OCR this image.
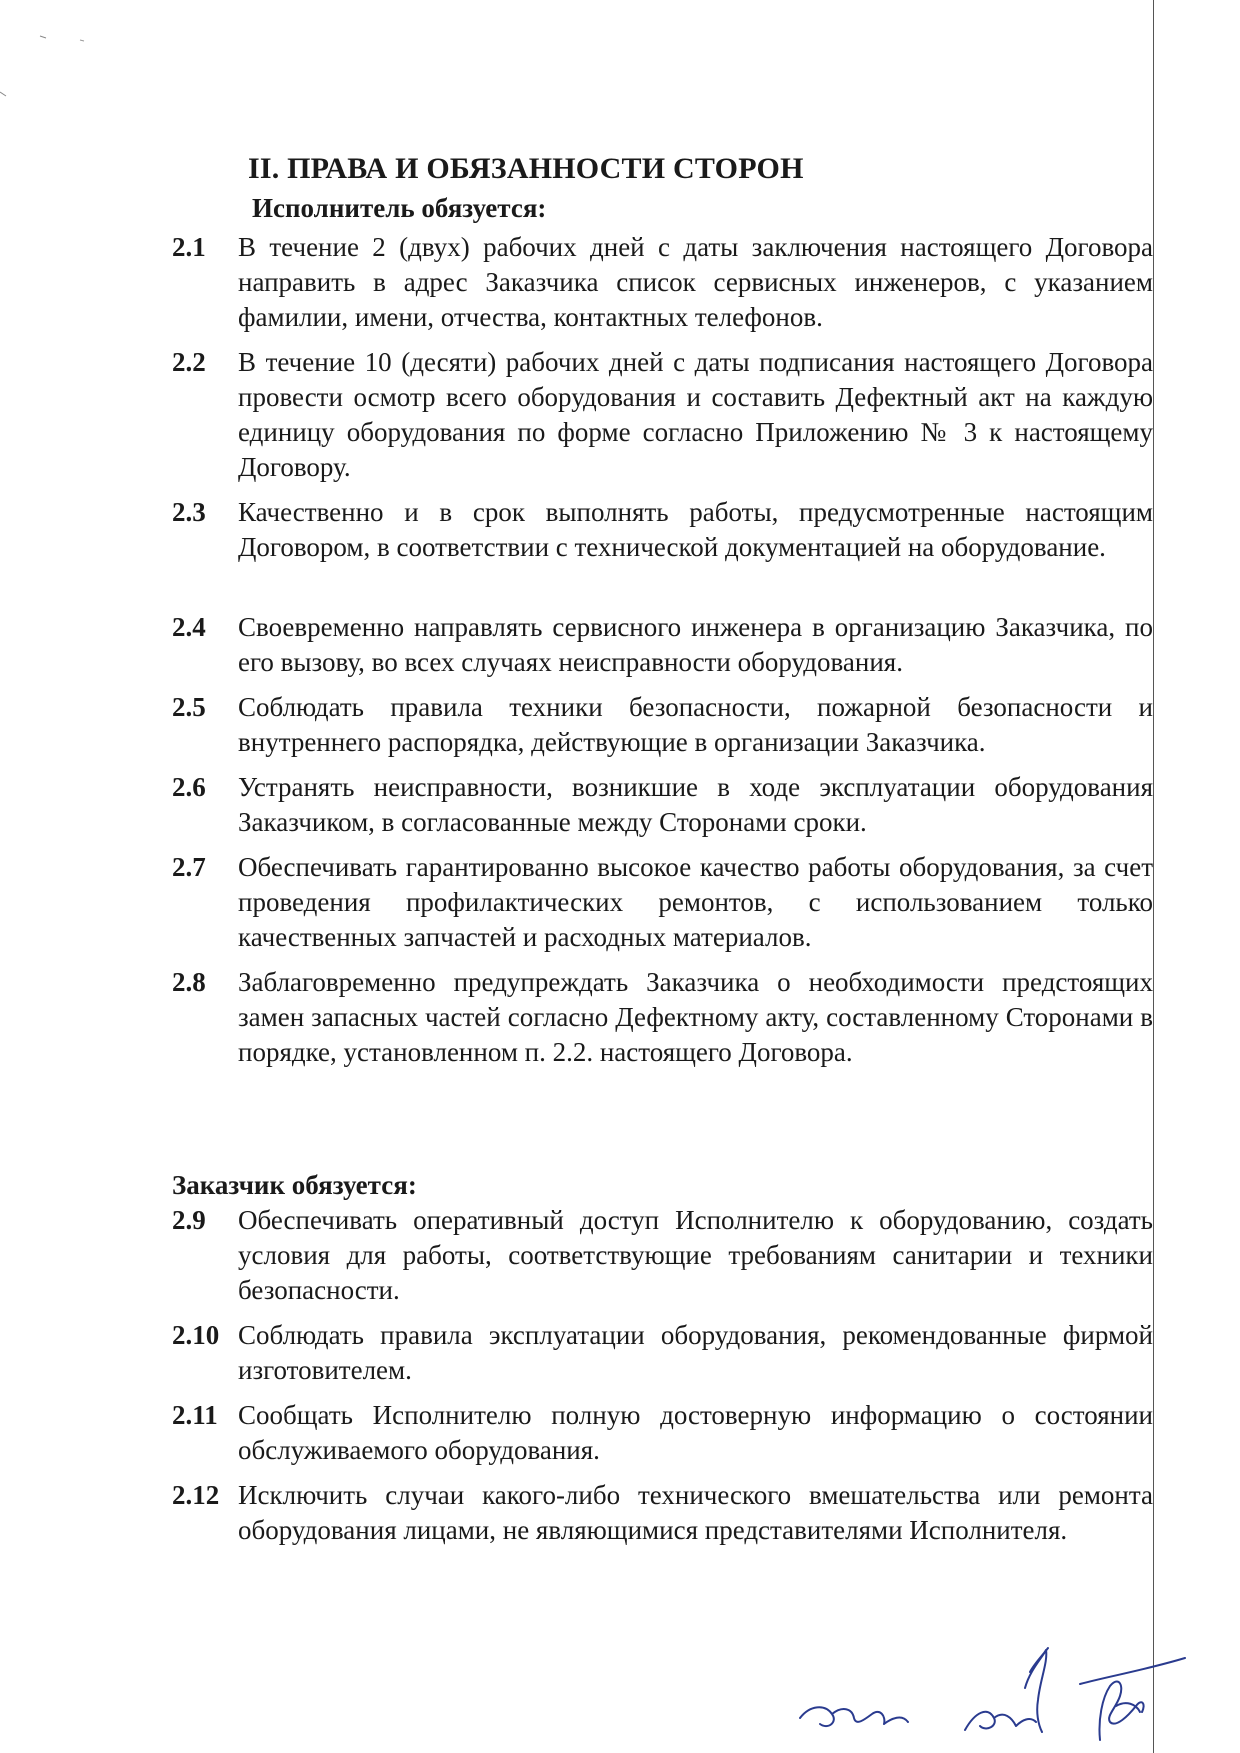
II. ПРАВА И ОБЯЗАННОСТИ СТОРОН
Исполнитель обязуется:
2.1 В течение 2 (двух) рабочих дней с даты заключения настоящего Договора направить в адрес Заказчика список сервисных инженеров, с указанием фамилии, имени, отчества, контактных телефонов.

2.2 В течение 10 (десяти) рабочих дней с даты подписания настоящего Договора провести осмотр всего оборудования и составить Дефектный акт на каждую единицу оборудования по форме согласно Приложению № 3 к настоящему Договору.

2.3 Качественно и в срок выполнять работы, предусмотренные настоящим Договором, в соответствии с технической документацией на оборудование.

2.4 Своевременно направлять сервисного инженера в организацию Заказчика, по его вызову, во всех случаях неисправности оборудования.

2.5 Соблюдать правила техники безопасности, пожарной безопасности и внутреннего распорядка, действующие в организации Заказчика.

2.6 Устранять неисправности, возникшие в ходе эксплуатации оборудования Заказчиком, в согласованные между Сторонами сроки.

2.7 Обеспечивать гарантированно высокое качество работы оборудования, за счет проведения профилактических ремонтов, с использованием только качественных запчастей и расходных материалов.

2.8 Заблаговременно предупреждать Заказчика о необходимости предстоящих замен запасных частей согласно Дефектному акту, составленному Сторонами в порядке, установленном п. 2.2. настоящего Договора.

Заказчик обязуется:
2.9 Обеспечивать оперативный доступ Исполнителю к оборудованию, создать условия для работы, соответствующие требованиям санитарии и техники безопасности.

2.10 Соблюдать правила эксплуатации оборудования, рекомендованные фирмой изготовителем.

2.11 Сообщать Исполнителю полную достоверную информацию о состоянии обслуживаемого оборудования.

2.12 Исключить случаи какого-либо технического вмешательства или ремонта оборудования лицами, не являющимися представителями Исполнителя.
